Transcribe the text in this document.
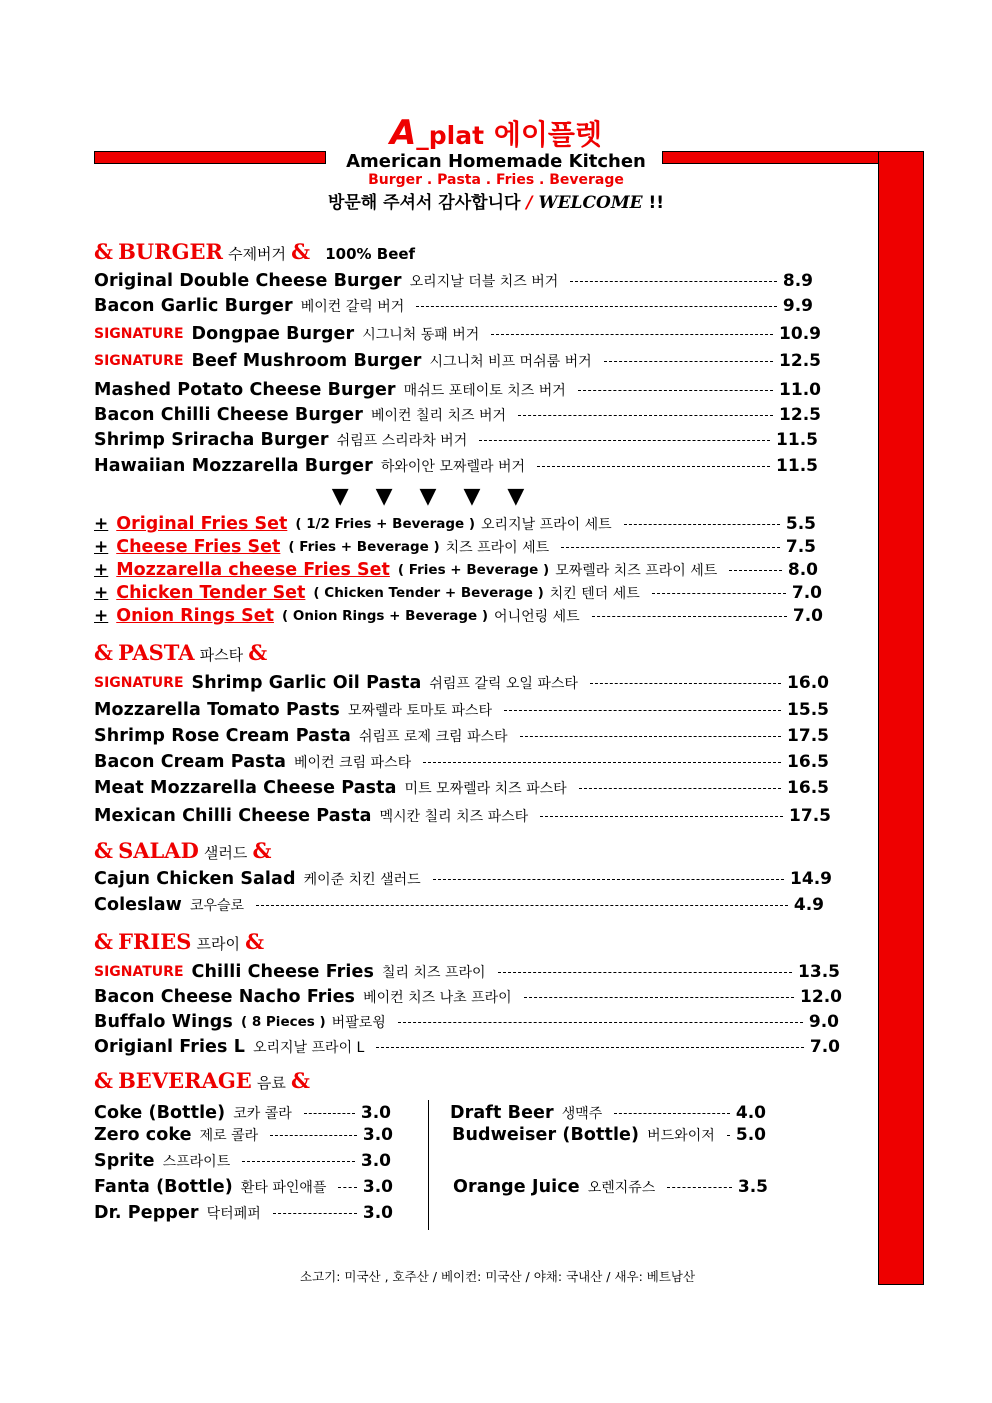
A_plat 에이플렛
American Homemade Kitchen
Burger . Pasta . Fries . Beverage
방문해 주셔서 감사합니다 / WELCOME !!
& BURGER 수제버거 & 100% Beef
Original Double Cheese Burger 오리지날 더블 치즈 버거	8.9
Bacon Garlic Burger 베이컨 갈릭 버거	9.9
SIGNATURE Dongpae Burger 시그니처 동패 버거	10.9
SIGNATURE Beef Mushroom Burger 시그니처 비프 머쉬룸 버거	12.5
Mashed Potato Cheese Burger 매쉬드 포테이토 치즈 버거	11.0
Bacon Chilli Cheese Burger 베이컨 칠리 치즈 버거	12.5
Shrimp Sriracha Burger 쉬림프 스리라차 버거	11.5
Hawaiian Mozzarella Burger 하와이안 모짜렐라 버거	11.5
▼ ▼ ▼ ▼ ▼
+ Original Fries Set ( 1/2 Fries + Beverage ) 오리지날 프라이 세트	5.5
+ Cheese Fries Set ( Fries + Beverage ) 치즈 프라이 세트	7.5
+ Mozzarella cheese Fries Set ( Fries + Beverage ) 모짜렐라 치즈 프라이 세트	8.0
+ Chicken Tender Set ( Chicken Tender + Beverage ) 치킨 텐더 세트	7.0
+ Onion Rings Set ( Onion Rings + Beverage ) 어니언링 세트	7.0
& PASTA 파스타 &
SIGNATURE Shrimp Garlic Oil Pasta 쉬림프 갈릭 오일 파스타	16.0
Mozzarella Tomato Pasts 모짜렐라 토마토 파스타	15.5
Shrimp Rose Cream Pasta 쉬림프 로제 크림 파스타	17.5
Bacon Cream Pasta 베이컨 크림 파스타	16.5
Meat Mozzarella Cheese Pasta 미트 모짜렐라 치즈 파스타	16.5
Mexican Chilli Cheese Pasta 멕시칸 칠리 치즈 파스타	17.5
& SALAD 샐러드 &
Cajun Chicken Salad 케이준 치킨 샐러드	14.9
Coleslaw 코우슬로	4.9
& FRIES 프라이 &
SIGNATURE Chilli Cheese Fries 칠리 치즈 프라이	13.5
Bacon Cheese Nacho Fries 베이컨 치즈 나초 프라이	12.0
Buffalo Wings ( 8 Pieces ) 버팔로윙	9.0
Origianl Fries L 오리지날 프라이 L	7.0
& BEVERAGE 음료 &
Coke (Bottle) 코카 콜라	3.0
Zero coke 제로 콜라	3.0
Sprite 스프라이트	3.0
Fanta (Bottle) 환타 파인애플 3.0
Dr. Pepper 닥터페퍼	3.0
Draft Beer 생맥주	4.0
Budweiser (Bottle) 버드와이저 5.0
Orange Juice 오렌지쥬스	3.5
소고기: 미국산 , 호주산 / 베이컨: 미국산 / 야채: 국내산 / 새우: 베트남산
